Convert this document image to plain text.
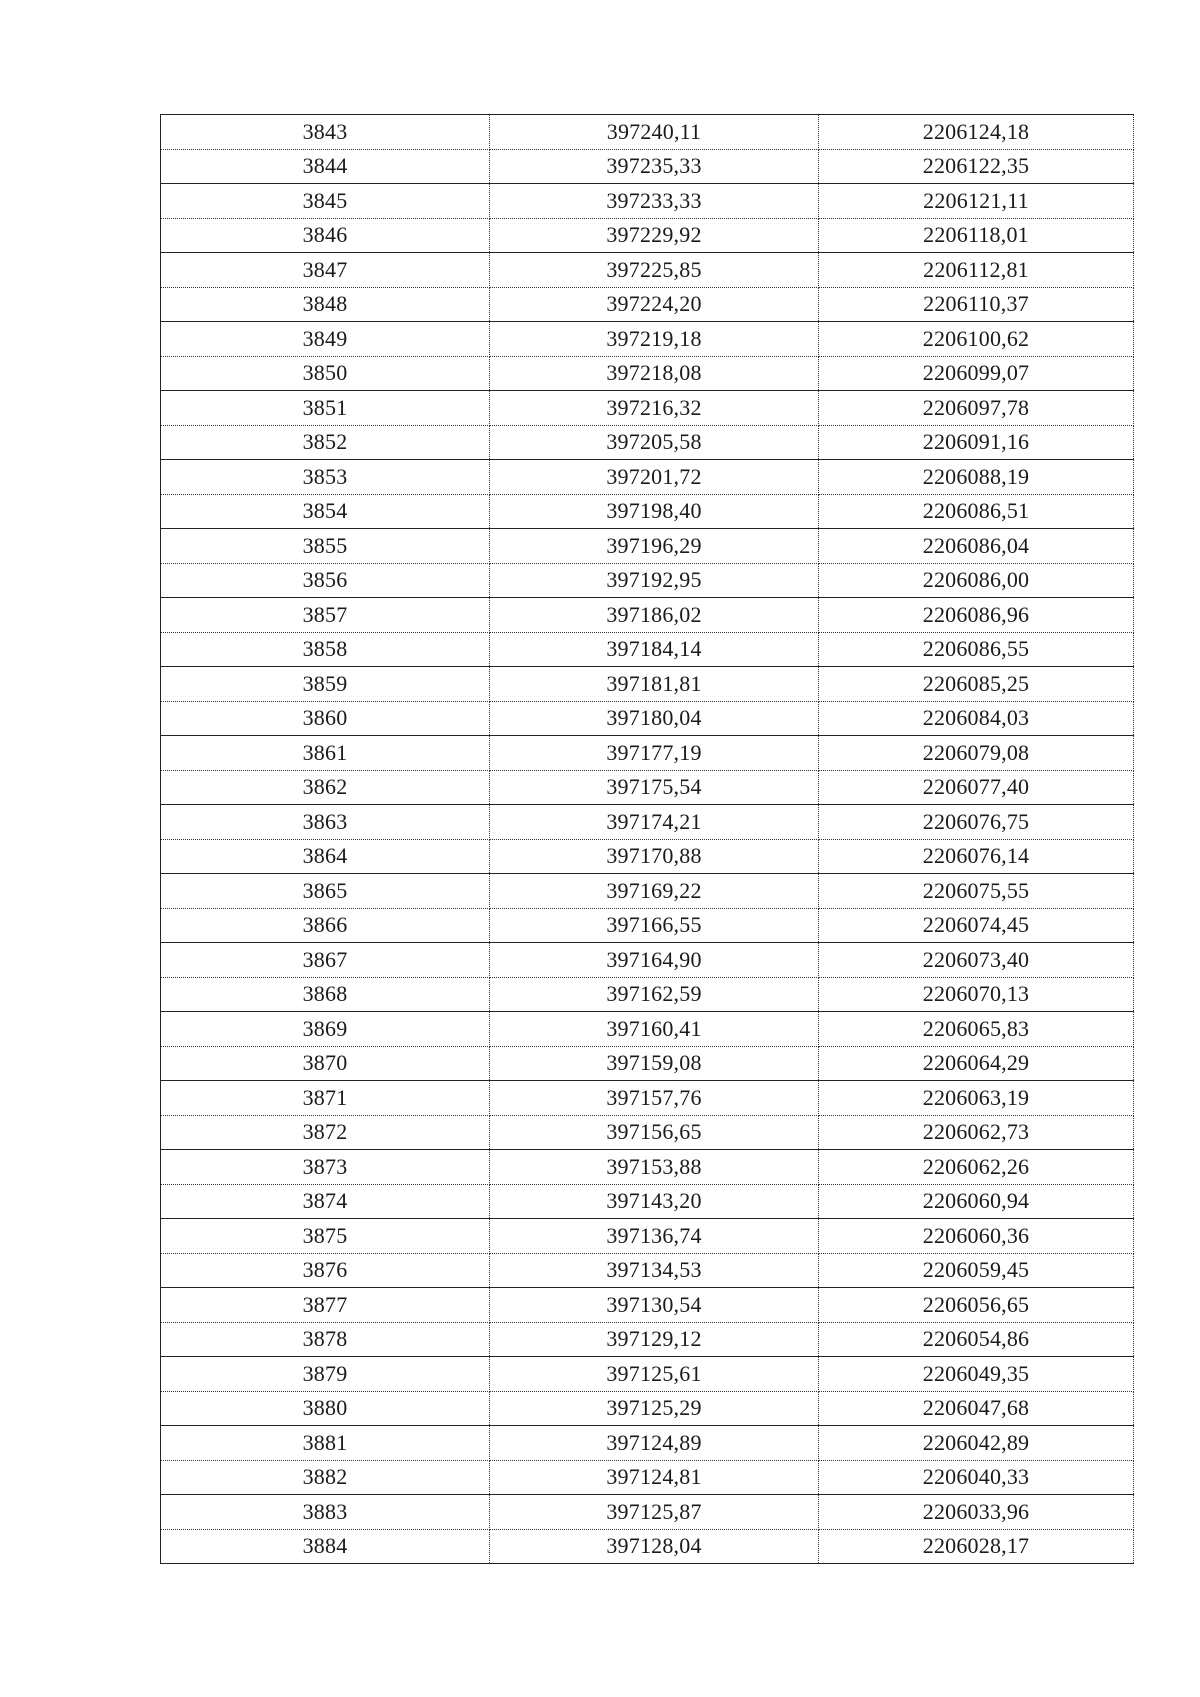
3843	397240,11	2206124,18
3844	397235,33	2206122,35
3845	397233,33	2206121,11
3846	397229,92	2206118,01
3847	397225,85	2206112,81
3848	397224,20	2206110,37
3849	397219,18	2206100,62
3850	397218,08	2206099,07
3851	397216,32	2206097,78
3852	397205,58	2206091,16
3853	397201,72	2206088,19
3854	397198,40	2206086,51
3855	397196,29	2206086,04
3856	397192,95	2206086,00
3857	397186,02	2206086,96
3858	397184,14	2206086,55
3859	397181,81	2206085,25
3860	397180,04	2206084,03
3861	397177,19	2206079,08
3862	397175,54	2206077,40
3863	397174,21	2206076,75
3864	397170,88	2206076,14
3865	397169,22	2206075,55
3866	397166,55	2206074,45
3867	397164,90	2206073,40
3868	397162,59	2206070,13
3869	397160,41	2206065,83
3870	397159,08	2206064,29
3871	397157,76	2206063,19
3872	397156,65	2206062,73
3873	397153,88	2206062,26
3874	397143,20	2206060,94
3875	397136,74	2206060,36
3876	397134,53	2206059,45
3877	397130,54	2206056,65
3878	397129,12	2206054,86
3879	397125,61	2206049,35
3880	397125,29	2206047,68
3881	397124,89	2206042,89
3882	397124,81	2206040,33
3883	397125,87	2206033,96
3884	397128,04	2206028,17
